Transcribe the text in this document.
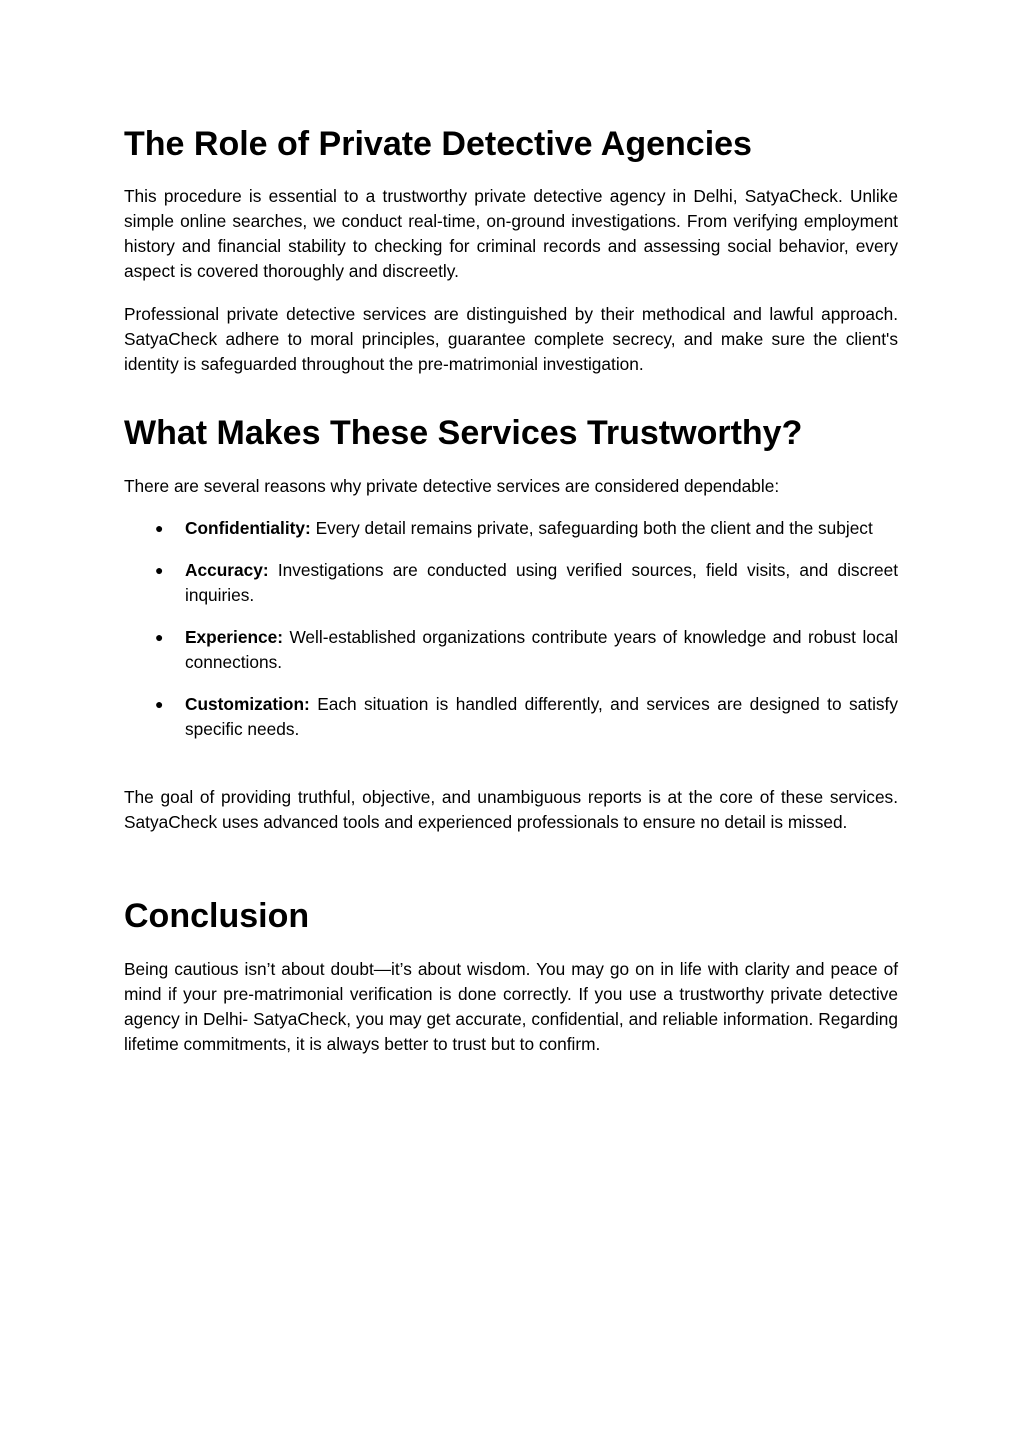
The Role of Private Detective Agencies

This procedure is essential to a trustworthy private detective agency in Delhi, SatyaCheck. Unlike simple online searches, we conduct real-time, on-ground investigations. From verifying employment history and financial stability to checking for criminal records and assessing social behavior, every aspect is covered thoroughly and discreetly.

Professional private detective services are distinguished by their methodical and lawful approach. SatyaCheck adhere to moral principles, guarantee complete secrecy, and make sure the client's identity is safeguarded throughout the pre-matrimonial investigation.

What Makes These Services Trustworthy?

There are several reasons why private detective services are considered dependable:

● Confidentiality: Every detail remains private, safeguarding both the client and the subject
● Accuracy: Investigations are conducted using verified sources, field visits, and discreet inquiries.
● Experience: Well-established organizations contribute years of knowledge and robust local connections.
● Customization: Each situation is handled differently, and services are designed to satisfy specific needs.

The goal of providing truthful, objective, and unambiguous reports is at the core of these services. SatyaCheck uses advanced tools and experienced professionals to ensure no detail is missed.

Conclusion

Being cautious isn’t about doubt—it’s about wisdom. You may go on in life with clarity and peace of mind if your pre-matrimonial verification is done correctly. If you use a trustworthy private detective agency in Delhi- SatyaCheck, you may get accurate, confidential, and reliable information. Regarding lifetime commitments, it is always better to trust but to confirm.
